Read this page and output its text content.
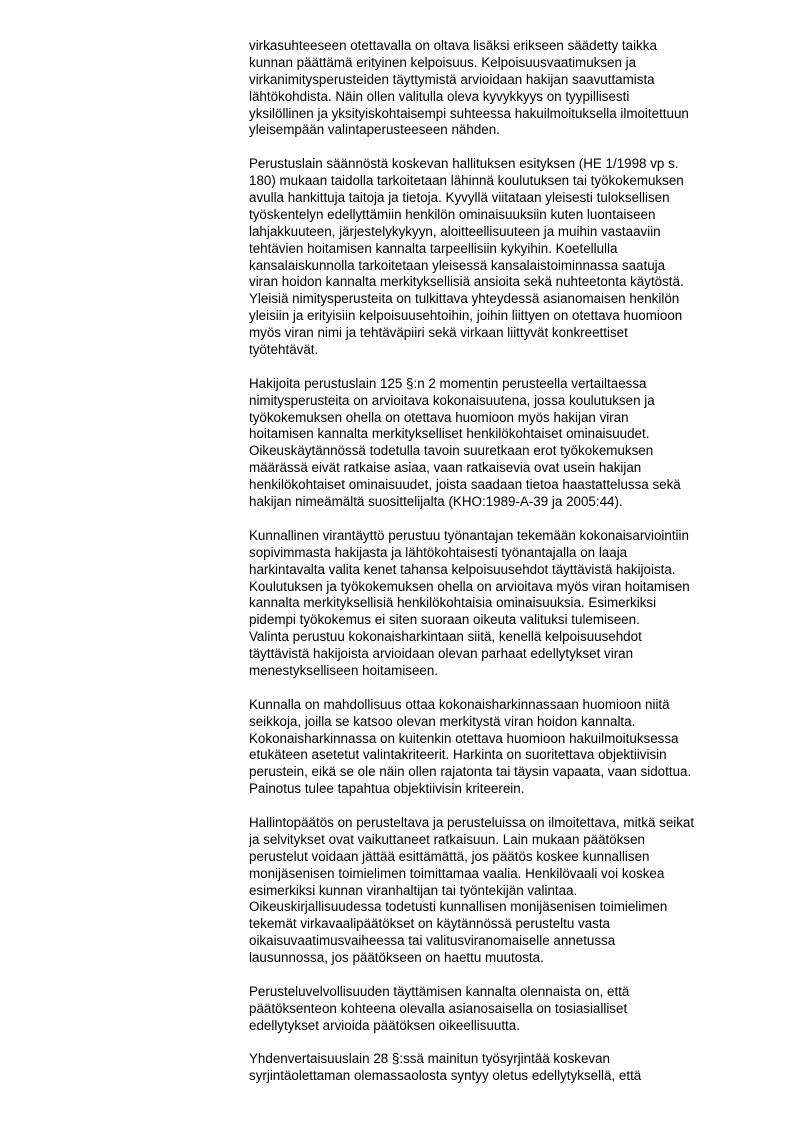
virkasuhteeseen otettavalla on oltava lisäksi erikseen säädetty taikka
kunnan päättämä erityinen kelpoisuus. Kelpoisuusvaatimuksen ja
virkanimitysperusteiden täyttymistä arvioidaan hakijan saavuttamista
lähtökohdista. Näin ollen valitulla oleva kyvykkyys on tyypillisesti
yksilöllinen ja yksityiskohtaisempi suhteessa hakuilmoituksella ilmoitettuun
yleisempään valintaperusteeseen nähden.

Perustuslain säännöstä koskevan hallituksen esityksen (HE 1/1998 vp s.
180) mukaan taidolla tarkoitetaan lähinnä koulutuksen tai työkokemuksen
avulla hankittuja taitoja ja tietoja. Kyvyllä viitataan yleisesti tuloksellisen
työskentelyn edellyttämiin henkilön ominaisuuksiin kuten luontaiseen
lahjakkuuteen, järjestelykykyyn, aloitteellisuuteen ja muihin vastaaviin
tehtävien hoitamisen kannalta tarpeellisiin kykyihin. Koetellulla
kansalaiskunnolla tarkoitetaan yleisessä kansalaistoiminnassa saatuja
viran hoidon kannalta merkityksellisiä ansioita sekä nuhteetonta käytöstä.
Yleisiä nimitysperusteita on tulkittava yhteydessä asianomaisen henkilön
yleisiin ja erityisiin kelpoisuusehtoihin, joihin liittyen on otettava huomioon
myös viran nimi ja tehtäväpiiri sekä virkaan liittyvät konkreettiset
työtehtävät.

Hakijoita perustuslain 125 §:n 2 momentin perusteella vertailtaessa
nimitysperusteita on arvioitava kokonaisuutena, jossa koulutuksen ja
työkokemuksen ohella on otettava huomioon myös hakijan viran
hoitamisen kannalta merkitykselliset henkilökohtaiset ominaisuudet.
Oikeuskäytännössä todetulla tavoin suuretkaan erot työkokemuksen
määrässä eivät ratkaise asiaa, vaan ratkaisevia ovat usein hakijan
henkilökohtaiset ominaisuudet, joista saadaan tietoa haastattelussa sekä
hakijan nimeämältä suosittelijalta (KHO:1989-A-39 ja 2005:44).

Kunnallinen virantäyttö perustuu työnantajan tekemään kokonaisarviointiin
sopivimmasta hakijasta ja lähtökohtaisesti työnantajalla on laaja
harkintavalta valita kenet tahansa kelpoisuusehdot täyttävistä hakijoista.
Koulutuksen ja työkokemuksen ohella on arvioitava myös viran hoitamisen
kannalta merkityksellisiä henkilökohtaisia ominaisuuksia. Esimerkiksi
pidempi työkokemus ei siten suoraan oikeuta valituksi tulemiseen.
Valinta perustuu kokonaisharkintaan siitä, kenellä kelpoisuusehdot
täyttävistä hakijoista arvioidaan olevan parhaat edellytykset viran
menestykselliseen hoitamiseen.

Kunnalla on mahdollisuus ottaa kokonaisharkinnassaan huomioon niitä
seikkoja, joilla se katsoo olevan merkitystä viran hoidon kannalta.
Kokonaisharkinnassa on kuitenkin otettava huomioon hakuilmoituksessa
etukäteen asetetut valintakriteerit. Harkinta on suoritettava objektiivisin
perustein, eikä se ole näin ollen rajatonta tai täysin vapaata, vaan sidottua.
Painotus tulee tapahtua objektiivisin kriteerein.

Hallintopäätös on perusteltava ja perusteluissa on ilmoitettava, mitkä seikat
ja selvitykset ovat vaikuttaneet ratkaisuun. Lain mukaan päätöksen
perustelut voidaan jättää esittämättä, jos päätös koskee kunnallisen
monijäsenisen toimielimen toimittamaa vaalia. Henkilövaali voi koskea
esimerkiksi kunnan viranhaltijan tai työntekijän valintaa.
Oikeuskirjallisuudessa todetusti kunnallisen monijäsenisen toimielimen
tekemät virkavaalipäätökset on käytännössä perusteltu vasta
oikaisuvaatimusvaiheessa tai valitusviranomaiselle annetussa
lausunnossa, jos päätökseen on haettu muutosta.

Perusteluvelvollisuuden täyttämisen kannalta olennaista on, että
päätöksenteon kohteena olevalla asianosaisella on tosiasialliset
edellytykset arvioida päätöksen oikeellisuutta.

Yhdenvertaisuuslain 28 §:ssä mainitun työsyrjintää koskevan
syrjintäolettaman olemassaolosta syntyy oletus edellytyksellä, että
